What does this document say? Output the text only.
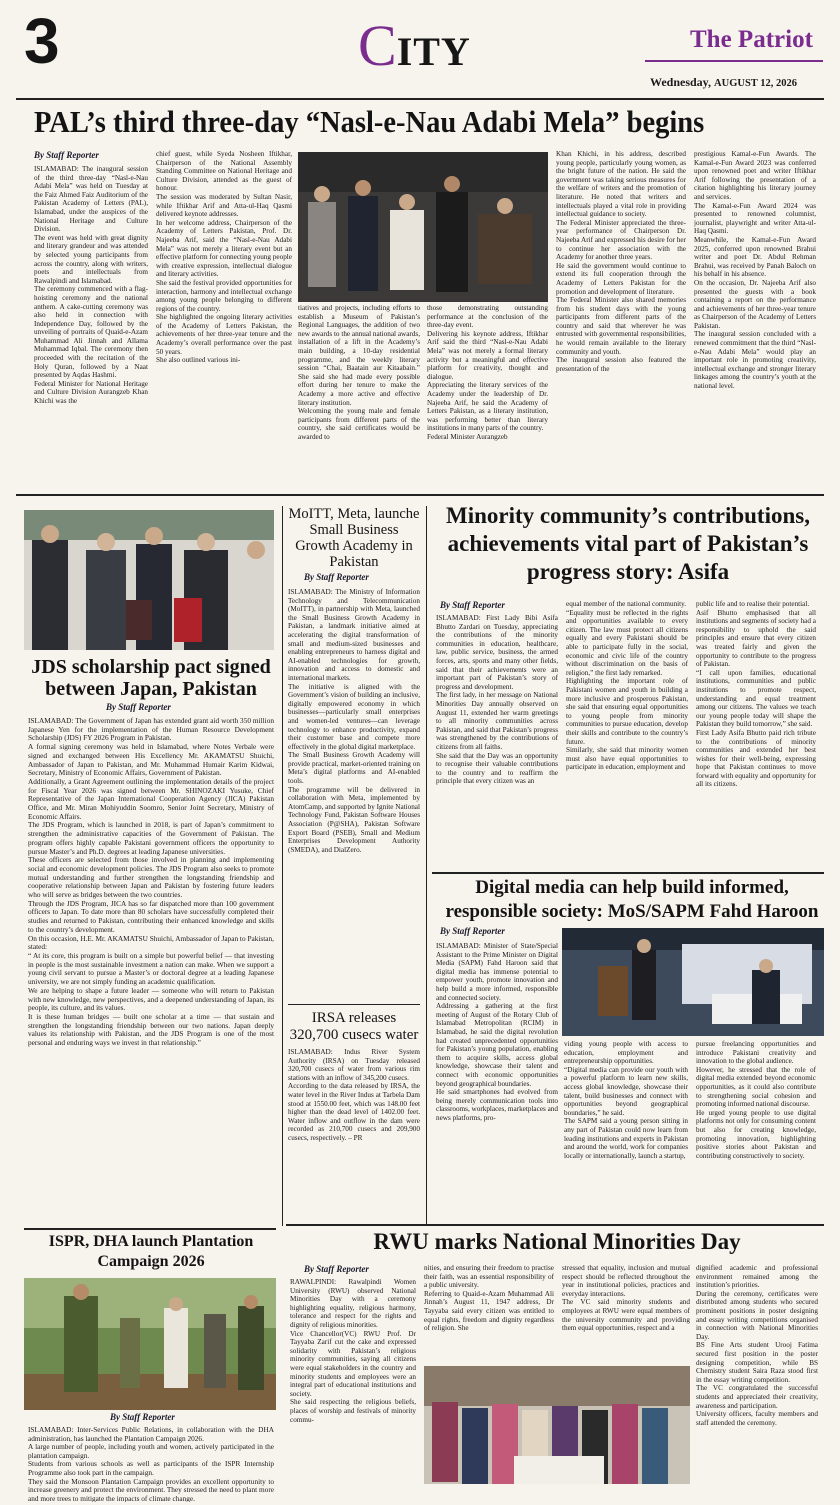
3	CITY	The Patriot
Wednesday, AUGUST 12, 2026
PAL’s third three-day “Nasl-e-Nau Adabi Mela” begins
By Staff Reporter
ISLAMABAD: The inaugural session of the third three-day “Nasl-e-Nau Adabi Mela” was held on Tuesday at the Faiz Ahmed Faiz Auditorium of the Pakistan Academy of Letters (PAL), Islamabad, under the auspices of the National Heritage and Culture Division.
The event was held with great dignity and literary grandeur and was attended by selected young participants from across the country, along with writers, poets and intellectuals from Rawalpindi and Islamabad.
The ceremony commenced with a flag-hoisting ceremony and the national anthem. A cake-cutting ceremony was also held in connection with Independence Day, followed by the unveiling of portraits of Quaid-e-Azam Muhammad Ali Jinnah and Allama Muhammad Iqbal. The ceremony then proceeded with the recitation of the Holy Quran, followed by a Naat presented by Aqdas Hashmi.
Federal Minister for National Heritage and Culture Division Aurangzeb Khan Khichi was the
chief guest, while Syeda Nosheen Iftikhar, Chairperson of the National Assembly Standing Committee on National Heritage and Culture Division, attended as the guest of honour.
The session was moderated by Sultan Nasir, while Iftikhar Arif and Atta-ul-Haq Qasmi delivered keynote addresses.
In her welcome address, Chairperson of the Academy of Letters Pakistan, Prof. Dr. Najeeba Arif, said the “Nasl-e-Nau Adabi Mela” was not merely a literary event but an effective platform for connecting young people with creative expression, intellectual dialogue and literary activities.
She said the festival provided opportunities for interaction, harmony and intellectual exchange among young people belonging to different regions of the country.
She highlighted the ongoing literary activities of the Academy of Letters Pakistan, the achievements of her three-year tenure and the Academy’s overall performance over the past 50 years.
She also outlined various ini-
tiatives and projects, including efforts to establish a Museum of Pakistan’s Regional Languages, the addition of two new awards to the annual national awards, installation of a lift in the Academy’s main building, a 10-day residential programme, and the weekly literary session “Chai, Baatain aur Kitaabain.” She said she had made every possible effort during her tenure to make the Academy a more active and effective literary institution.
Welcoming the young male and female participants from different parts of the country, she said certificates would be awarded to
those demonstrating outstanding performance at the conclusion of the three-day event.
Delivering his keynote address, Iftikhar Arif said the third “Nasl-e-Nau Adabi Mela” was not merely a formal literary activity but a meaningful and effective platform for creativity, thought and dialogue.
Appreciating the literary services of the Academy under the leadership of Dr. Najeeba Arif, he said the Academy of Letters Pakistan, as a literary institution, was performing better than literary institutions in many parts of the country.
Federal Minister Aurangzeb
Khan Khichi, in his address, described young people, particularly young women, as the bright future of the nation. He said the government was taking serious measures for the welfare of writers and the promotion of literature. He noted that writers and intellectuals played a vital role in providing intellectual guidance to society.
The Federal Minister appreciated the three-year performance of Chairperson Dr. Najeeba Arif and expressed his desire for her to continue her association with the Academy for another three years.
He said the government would continue to extend its full cooperation through the Academy of Letters Pakistan for the promotion and development of literature.
The Federal Minister also shared memories from his student days with the young participants from different parts of the country and said that wherever he was entrusted with governmental responsibilities, he would remain available to the literary community and youth.
The inaugural session also featured the presentation of the
prestigious Kamal-e-Fun Awards. The Kamal-e-Fun Award 2023 was conferred upon renowned poet and writer Iftikhar Arif following the presentation of a citation highlighting his literary journey and services.
The Kamal-e-Fun Award 2024 was presented to renowned columnist, journalist, playwright and writer Atta-ul-Haq Qasmi.
Meanwhile, the Kamal-e-Fun Award 2025, conferred upon renowned Brahui writer and poet Dr. Abdul Rehman Brahui, was received by Panah Baloch on his behalf in his absence.
On the occasion, Dr. Najeeba Arif also presented the guests with a book containing a report on the performance and achievements of her three-year tenure as Chairperson of the Academy of Letters Pakistan.
The inaugural session concluded with a renewed commitment that the third “Nasl-e-Nau Adabi Mela” would play an important role in promoting creativity, intellectual exchange and stronger literary linkages among the country’s youth at the national level.
JDS scholarship pact signed between Japan, Pakistan
By Staff Reporter
ISLAMABAD: The Government of Japan has extended grant aid worth 350 million Japanese Yen for the implementation of the Human Resource Development Scholarship (JDS) FY 2026 Program in Pakistan.
A formal signing ceremony was held in Islamabad, where Notes Verbale were signed and exchanged between His Excellency Mr. AKAMATSU Shuichi, Ambassador of Japan to Pakistan, and Mr. Muhammad Humair Karim Kidwai, Secretary, Ministry of Economic Affairs, Government of Pakistan.
Additionally, a Grant Agreement outlining the implementation details of the project for Fiscal Year 2026 was signed between Mr. SHINOZAKI Yusuke, Chief Representative of the Japan International Cooperation Agency (JICA) Pakistan Office, and Mr. Miran Mohiyuddin Soomro, Senior Joint Secretary, Ministry of Economic Affairs.
The JDS Program, which is launched in 2018, is part of Japan’s commitment to strengthen the administrative capacities of the Government of Pakistan. The program offers highly capable Pakistani government officers the opportunity to pursue Master’s and Ph.D. degrees at leading Japanese universities.
These officers are selected from those involved in planning and implementing social and economic development policies. The JDS Program also seeks to promote mutual understanding and further strengthen the longstanding friendship and cooperative relationship between Japan and Pakistan by fostering future leaders who will serve as bridges between the two countries.
Through the JDS Program, JICA has so far dispatched more than 100 government officers to Japan. To date more than 80 scholars have successfully completed their studies and returned to Pakistan, contributing their enhanced knowledge and skills to the country’s development.
On this occasion, H.E. Mr. AKAMATSU Shuichi, Ambassador of Japan to Pakistan, stated:
“ At its core, this program is built on a simple but powerful belief — that investing in people is the most sustainable investment a nation can make. When we support a young civil servant to pursue a Master’s or doctoral degree at a leading Japanese university, we are not simply funding an academic qualification.
We are helping to shape a future leader — someone who will return to Pakistan with new knowledge, new perspectives, and a deepened understanding of Japan, its people, its culture, and its values.
It is these human bridges — built one scholar at a time — that sustain and strengthen the longstanding friendship between our two nations. Japan deeply values its relationship with Pakistan, and the JDS Program is one of the most personal and enduring ways we invest in that relationship.”
MoITT, Meta, launche Small Business Growth Academy in Pakistan
By Staff Reporter
ISLAMABAD: The Ministry of Information Technology and Telecommunication (MoITT), in partnership with Meta, launched the Small Business Growth Academy in Pakistan, a landmark initiative aimed at accelerating the digital transformation of small and medium-sized businesses and enabling entrepreneurs to harness digital and AI-enabled technologies for growth, innovation and access to domestic and international markets.
The initiative is aligned with the Government’s vision of building an inclusive, digitally empowered economy in which businesses—particularly small enterprises and women-led ventures—can leverage technology to enhance productivity, expand their customer base and compete more effectively in the global digital marketplace.
The Small Business Growth Academy will provide practical, market-oriented training on Meta’s digital platforms and AI-enabled tools.
The programme will be delivered in collaboration with Meta, implemented by AtomCamp, and supported by Ignite National Technology Fund, Pakistan Software Houses Association (P@SHA), Pakistan Software Export Board (PSEB), Small and Medium Enterprises Development Authority (SMEDA), and DialZero.
IRSA releases 320,700 cusecs water
ISLAMABAD: Indus River System Authority (IRSA) on Tuesday released 320,700 cusecs of water from various rim stations with an inflow of 345,200 cusecs.
According to the data released by IRSA, the water level in the River Indus at Tarbela Dam stood at 1550.00 feet, which was 148.00 feet higher than the dead level of 1402.00 feet. Water inflow and outflow in the dam were recorded as 210,700 cusecs and 209,900 cusecs, respectively. – PR
Minority community’s contributions, achievements vital part of Pakistan’s progress story: Asifa
By Staff Reporter
ISLAMABAD: First Lady Bibi Asifa Bhutto Zardari on Tuesday, appreciating the contributions of the minority communities in education, healthcare, law, public service, business, the armed forces, arts, sports and many other fields, said that their achievements were an important part of Pakistan’s story of progress and development.
The first lady, in her message on National Minorities Day annually observed on August 11, extended her warm greetings to all minority communities across Pakistan, and said that Pakistan’s progress was strengthened by the contributions of citizens from all faiths.
She said that the Day was an opportunity to recognise their valuable contributions to the country and to reaffirm the principle that every citizen was an
equal member of the national community.
“Equality must be reflected in the rights and opportunities available to every citizen. The law must protect all citizens equally and every Pakistani should be able to participate fully in the social, economic and civic life of the country without discrimination on the basis of religion,” the first lady remarked.
Highlighting the important role of Pakistani women and youth in building a more inclusive and prosperous Pakistan, she said that ensuring equal opportunities to young people from minority communities to pursue education, develop their skills and contribute to the country’s future.
Similarly, she said that minority women must also have equal opportunities to participate in education, employment and
public life and to realise their potential.
Asif Bhutto emphasised that all institutions and segments of society had a responsibility to uphold the said principles and ensure that every citizen was treated fairly and given the opportunity to contribute to the progress of Pakistan.
“I call upon families, educational institutions, communities and public institutions to promote respect, understanding and equal treatment among our citizens. The values we teach our young people today will shape the Pakistan they build tomorrow,” she said.
First Lady Asifa Bhutto paid rich tribute to the contributions of minority communities and extended her best wishes for their well-being, expressing hope that Pakistan continues to move forward with equality and opportunity for all its citizens.
Digital media can help build informed, responsible society: MoS/SAPM Fahd Haroon
By Staff Reporter
ISLAMABAD: Minister of State/Special Assistant to the Prime Minister on Digital Media (SAPM) Fahd Haroon said that digital media has immense potential to empower youth, promote innovation and help build a more informed, responsible and connected society.
Addressing a gathering at the first meeting of August of the Rotary Club of Islamabad Metropolitan (RCIM) in Islamabad, he said the digital revolution had created unprecedented opportunities for Pakistan’s young population, enabling them to acquire skills, access global knowledge, showcase their talent and connect with economic opportunities beyond geographical boundaries.
He said smartphones had evolved from being merely communication tools into classrooms, workplaces, marketplaces and news platforms, pro-
viding young people with access to education, employment and entrepreneurship opportunities.
“Digital media can provide our youth with a powerful platform to learn new skills, access global knowledge, showcase their talent, build businesses and connect with opportunities beyond geographical boundaries,” he said.
The SAPM said a young person sitting in any part of Pakistan could now learn from leading institutions and experts in Pakistan and around the world, work for companies locally or internationally, launch a startup,
pursue freelancing opportunities and introduce Pakistani creativity and innovation to the global audience.
However, he stressed that the role of digital media extended beyond economic opportunities, as it could also contribute to strengthening social cohesion and promoting informed national discourse.
He urged young people to use digital platforms not only for consuming content but also for creating knowledge, promoting innovation, highlighting positive stories about Pakistan and contributing constructively to society.
ISPR, DHA launch Plantation Campaign 2026
By Staff Reporter
ISLAMABAD: Inter-Services Public Relations, in collaboration with the DHA administration, has launched the Plantation Campaign 2026.
A large number of people, including youth and women, actively participated in the plantation campaign.
Students from various schools as well as participants of the ISPR Internship Programme also took part in the campaign.
They said the Monsoon Plantation Campaign provides an excellent opportunity to increase greenery and protect the environment. They stressed the need to plant more and more trees to mitigate the impacts of climate change.
RWU marks National Minorities Day
By Staff Reporter
RAWALPINDI: Rawalpindi Women University (RWU) observed National Minorities Day with a ceremony highlighting equality, religious harmony, tolerance and respect for the rights and dignity of religious minorities.
Vice Chancellor(VC) RWU Prof. Dr Tayyaba Zarif cut the cake and expressed solidarity with Pakistan’s religious minority communities, saying all citizens were equal stakeholders in the country and minority students and employees were an integral part of educational institutions and society.
She said respecting the religious beliefs, places of worship and festivals of minority commu-
nities, and ensuring their freedom to practise their faith, was an essential responsibility of a public university.
Referring to Quaid-e-Azam Muhammad Ali Jinnah’s August 11, 1947 address, Dr Tayyaba said every citizen was entitled to equal rights, freedom and dignity regardless of religion. She
stressed that equality, inclusion and mutual respect should be reflected throughout the year in institutional policies, practices and everyday interactions.
The VC said minority students and employees at RWU were equal members of the university community and providing them equal opportunities, respect and a
dignified academic and professional environment remained among the institution’s priorities.
During the ceremony, certificates were distributed among students who secured prominent positions in poster designing and essay writing competitions organised in connection with National Minorities Day.
BS Fine Arts student Urooj Fatima secured first position in the poster designing competition, while BS Chemistry student Saira Raza stood first in the essay writing competition.
The VC congratulated the successful students and appreciated their creativity, awareness and participation.
University officers, faculty members and staff attended the ceremony.
